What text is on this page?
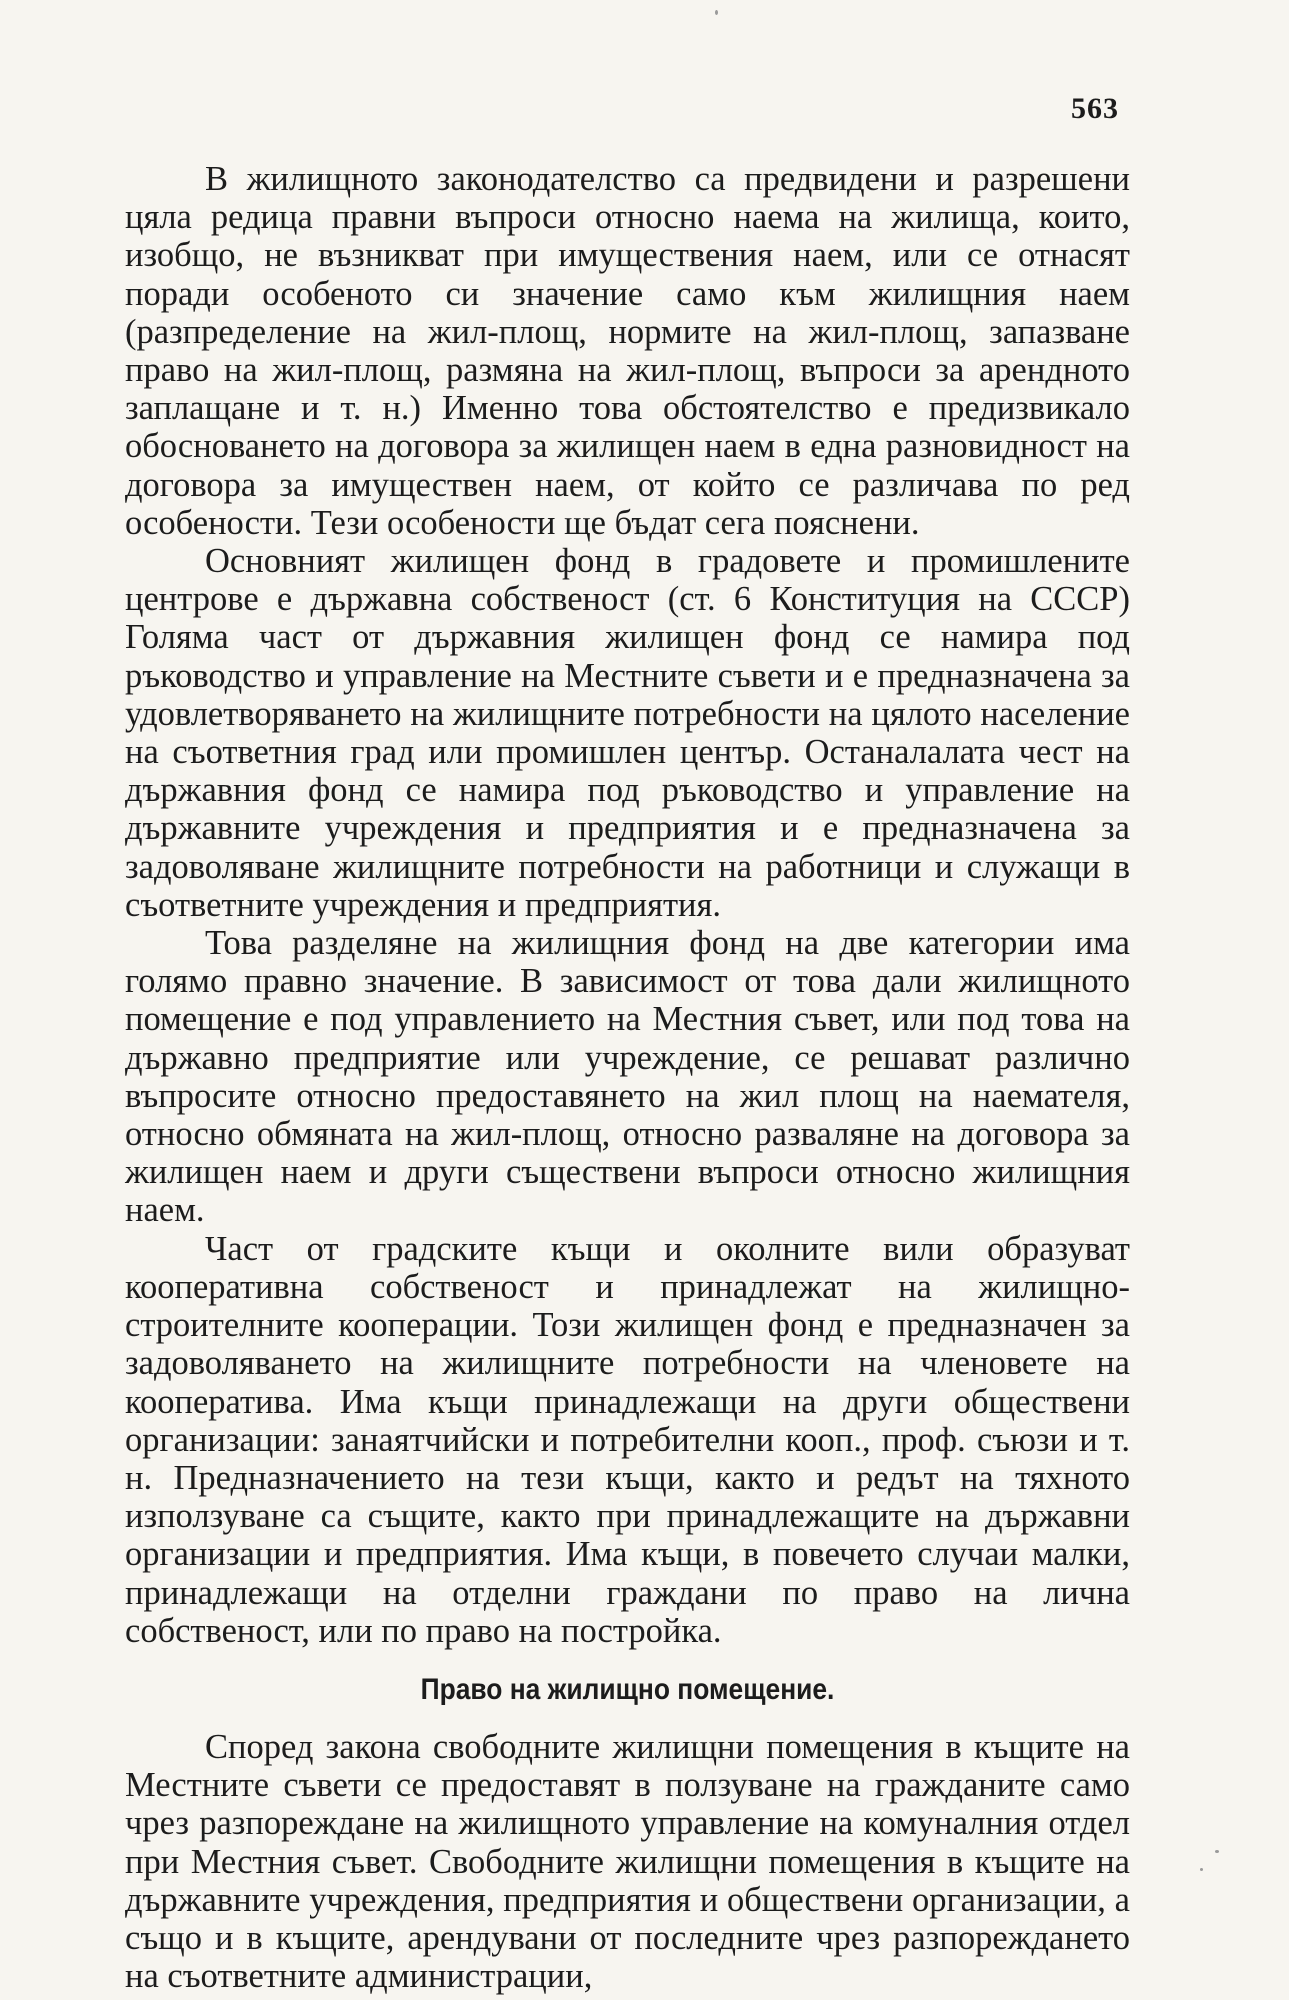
563

В жилищното законодателство са предвидени и разрешени цяла редица правни въпроси относно наема на жилища, които, изобщо, не възникват при имуществения наем, или се отнасят поради особеното си значение само към жилищния наем (разпределение на жил-площ, нормите на жил-площ, запазване право на жил-площ, размяна на жил-площ, въпроси за арендното заплащане и т. н.) Именно това обстоятелство е предизвикало обосноването на договора за жилищен наем в една разновидност на договора за имуществен наем, от който се различава по ред особености. Тези особености ще бъдат сега пояснени.

Основният жилищен фонд в градовете и промишлените центрове е държавна собственост (ст. 6 Конституция на СССР) Голяма част от държавния жилищен фонд се намира под ръководство и управление на Местните съвети и е предназначена за удовлетворяването на жилищните потребности на цялото население на съответния град или промишлен център. Останалалата чест на държавния фонд се намира под ръководство и управление на държавните учреждения и предприятия и е предназначена за задоволяване жилищните потребности на работници и служащи в съответните учреждения и предприятия.

Това разделяне на жилищния фонд на две категории има голямо правно значение. В зависимост от това дали жилищното помещение е под управлението на Местния съвет, или под това на държавно предприятие или учреждение, се решават различно въпросите относно предоставянето на жил площ на наемателя, относно обмяната на жил-площ, относно разваляне на договора за жилищен наем и други съществени въпроси относно жилищния наем.

Част от градските къщи и околните вили образуват кооперативна собственост и принадлежат на жилищно-строителните кооперации. Този жилищен фонд е предназначен за задоволяването на жилищните потребности на членовете на кооператива. Има къщи принадлежащи на други обществени организации: занаятчийски и потребителни кооп., проф. съюзи и т. н. Предназначението на тези къщи, както и редът на тяхното използуване са същите, както при принадлежащите на държавни организации и предприятия. Има къщи, в повечето случаи малки, принадлежащи на отделни граждани по право на лична собственост, или по право на постройка.

Право на жилищно помещение.

Според закона свободните жилищни помещения в къщите на Местните съвети се предоставят в ползуване на гражданите само чрез разпореждане на жилищното управление на комуналния отдел при Местния съвет. Свободните жилищни помещения в къщите на държавните учреждения, предприятия и обществени организации, а също и в къщите, арендувани от последните чрез разпореждането на съответните администрации,
